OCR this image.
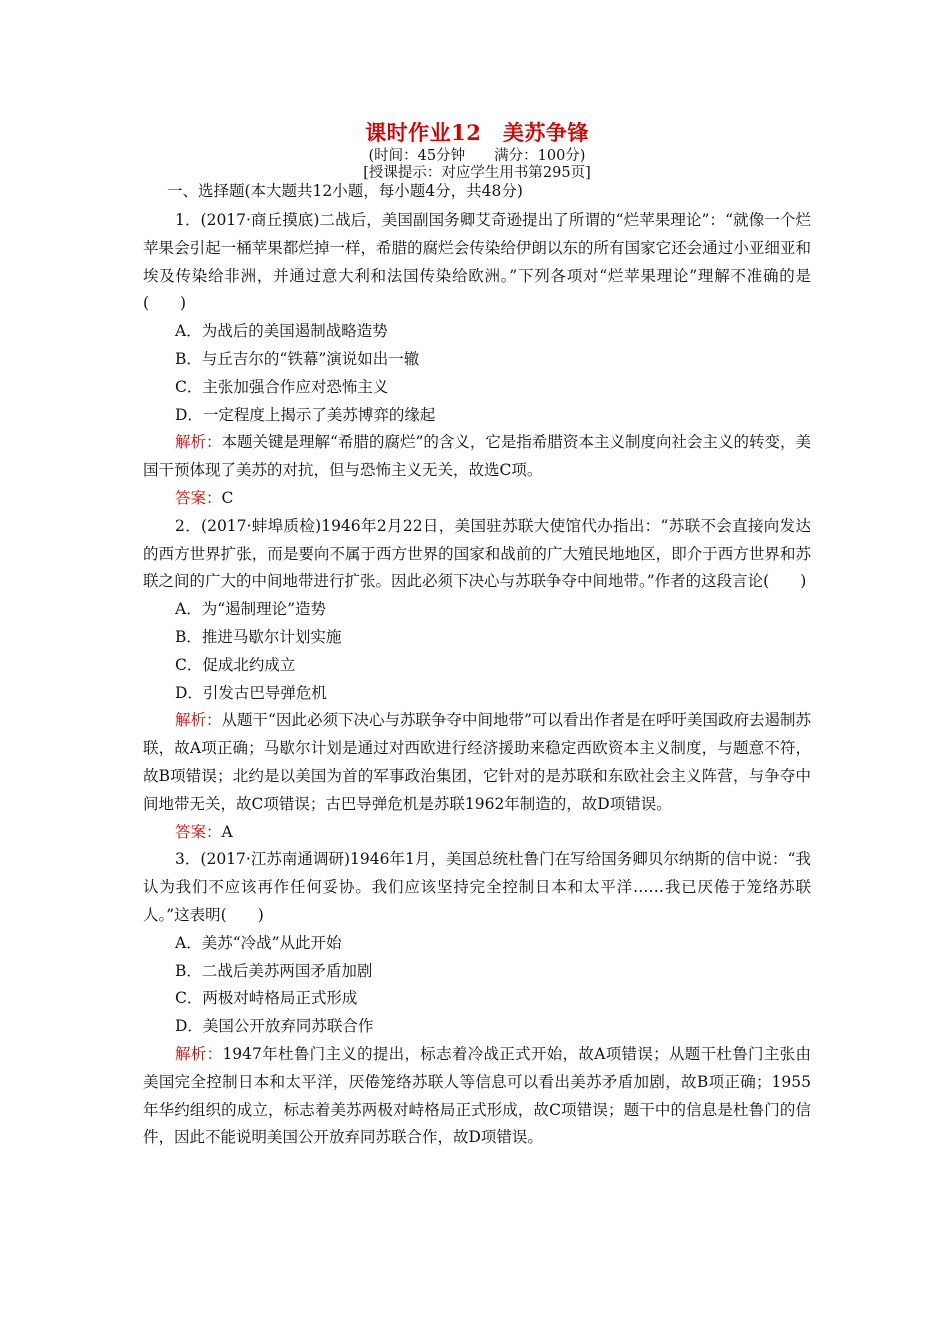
课时作业12　美苏争锋

(时间：45分钟　　满分：100分)

[授课提示：对应学生用书第295页]

一、选择题(本大题共12小题，每小题4分，共48分)

1．(2017·商丘摸底)二战后，美国副国务卿艾奇逊提出了所谓的“烂苹果理论”：“就像一个烂苹果会引起一桶苹果都烂掉一样，希腊的腐烂会传染给伊朗以东的所有国家它还会通过小亚细亚和埃及传染给非洲，并通过意大利和法国传染给欧洲。”下列各项对“烂苹果理论”理解不准确的是(　　)

A．为战后的美国遏制战略造势

B．与丘吉尔的“铁幕”演说如出一辙

C．主张加强合作应对恐怖主义

D．一定程度上揭示了美苏博弈的缘起

解析：本题关键是理解“希腊的腐烂”的含义，它是指希腊资本主义制度向社会主义的转变，美国干预体现了美苏的对抗，但与恐怖主义无关，故选C项。

答案：C

2．(2017·蚌埠质检)1946年2月22日，美国驻苏联大使馆代办指出：“苏联不会直接向发达的西方世界扩张，而是要向不属于西方世界的国家和战前的广大殖民地地区，即介于西方世界和苏联之间的广大的中间地带进行扩张。因此必须下决心与苏联争夺中间地带。”作者的这段言论(　　)

A．为“遏制理论”造势

B．推进马歇尔计划实施

C．促成北约成立

D．引发古巴导弹危机

解析：从题干“因此必须下决心与苏联争夺中间地带”可以看出作者是在呼吁美国政府去遏制苏联，故A项正确；马歇尔计划是通过对西欧进行经济援助来稳定西欧资本主义制度，与题意不符，故B项错误；北约是以美国为首的军事政治集团，它针对的是苏联和东欧社会主义阵营，与争夺中间地带无关，故C项错误；古巴导弹危机是苏联1962年制造的，故D项错误。

答案：A

3．(2017·江苏南通调研)1946年1月，美国总统杜鲁门在写给国务卿贝尔纳斯的信中说：“我认为我们不应该再作任何妥协。我们应该坚持完全控制日本和太平洋……我已厌倦于笼络苏联人。”这表明(　　)

A．美苏“冷战”从此开始

B．二战后美苏两国矛盾加剧

C．两极对峙格局正式形成

D．美国公开放弃同苏联合作

解析：1947年杜鲁门主义的提出，标志着冷战正式开始，故A项错误；从题干杜鲁门主张由美国完全控制日本和太平洋，厌倦笼络苏联人等信息可以看出美苏矛盾加剧，故B项正确；1955年华约组织的成立，标志着美苏两极对峙格局正式形成，故C项错误；题干中的信息是杜鲁门的信件，因此不能说明美国公开放弃同苏联合作，故D项错误。
